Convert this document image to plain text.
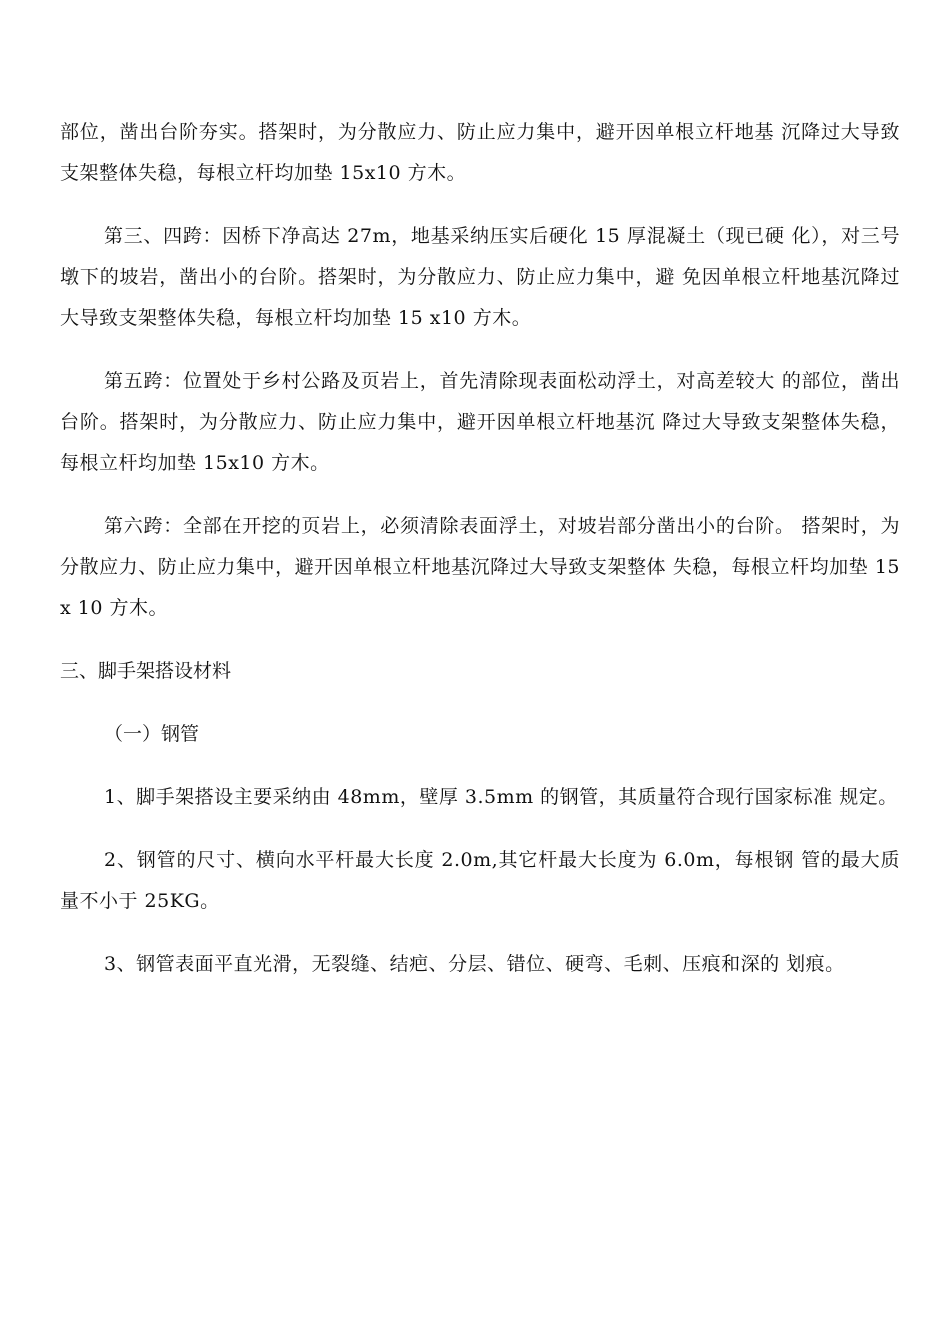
部位，凿出台阶夯实。搭架时，为分散应力、防止应力集中，避开因单根立杆地基 沉降过大导致支架整体失稳，每根立杆均加垫 15x10 方木。

第三、四跨：因桥下净高达 27m，地基采纳压实后硬化 15 厚混凝土（现已硬 化），对三号墩下的坡岩，凿出小的台阶。搭架时，为分散应力、防止应力集中，避 免因单根立杆地基沉降过大导致支架整体失稳，每根立杆均加垫 15 x10 方木。

第五跨：位置处于乡村公路及页岩上，首先清除现表面松动浮土，对高差较大 的部位，凿出台阶。搭架时，为分散应力、防止应力集中，避开因单根立杆地基沉 降过大导致支架整体失稳，每根立杆均加垫 15x10 方木。

第六跨：全部在开挖的页岩上，必须清除表面浮土，对坡岩部分凿出小的台阶。 搭架时，为分散应力、防止应力集中，避开因单根立杆地基沉降过大导致支架整体 失稳，每根立杆均加垫 15 x 10 方木。

三、脚手架搭设材料

（一）钢管

1、脚手架搭设主要采纳由 48mm，壁厚 3.5mm 的钢管，其质量符合现行国家标准 规定。

2、钢管的尺寸、横向水平杆最大长度 2.0m,其它杆最大长度为 6.0m，每根钢 管的最大质量不小于 25KG。

3、钢管表面平直光滑，无裂缝、结疤、分层、错位、硬弯、毛刺、压痕和深的 划痕。
